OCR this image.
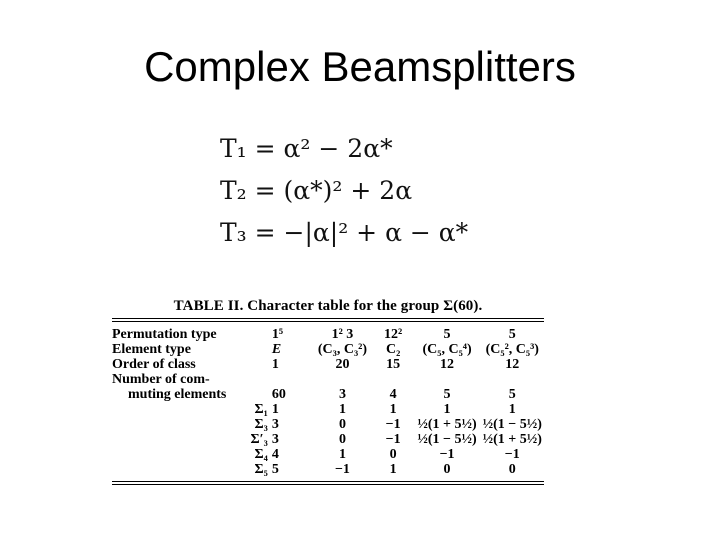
Complex Beamsplitters
T₁ = α² − 2α*
T₂ = (α*)² + 2α
T₃ = −|α|² + α − α*
TABLE II. Character table for the group Σ(60).
Permutation type	1⁵	1² 3	12²	5	5
Element type	E	(C₃, C₃²)	C₂	(C₅, C₅⁴)	(C₅², C₅³)
Order of class	1	20	15	12	12
Number of com-					
muting elements	60	3	4	5	5
Σ₁	1	1	1	1	1
Σ₃	3	0	−1	½(1 + 5½)	½(1 − 5½)
Σ′₃	3	0	−1	½(1 − 5½)	½(1 + 5½)
Σ₄	4	1	0	−1	−1
Σ₅	5	−1	1	0	0
